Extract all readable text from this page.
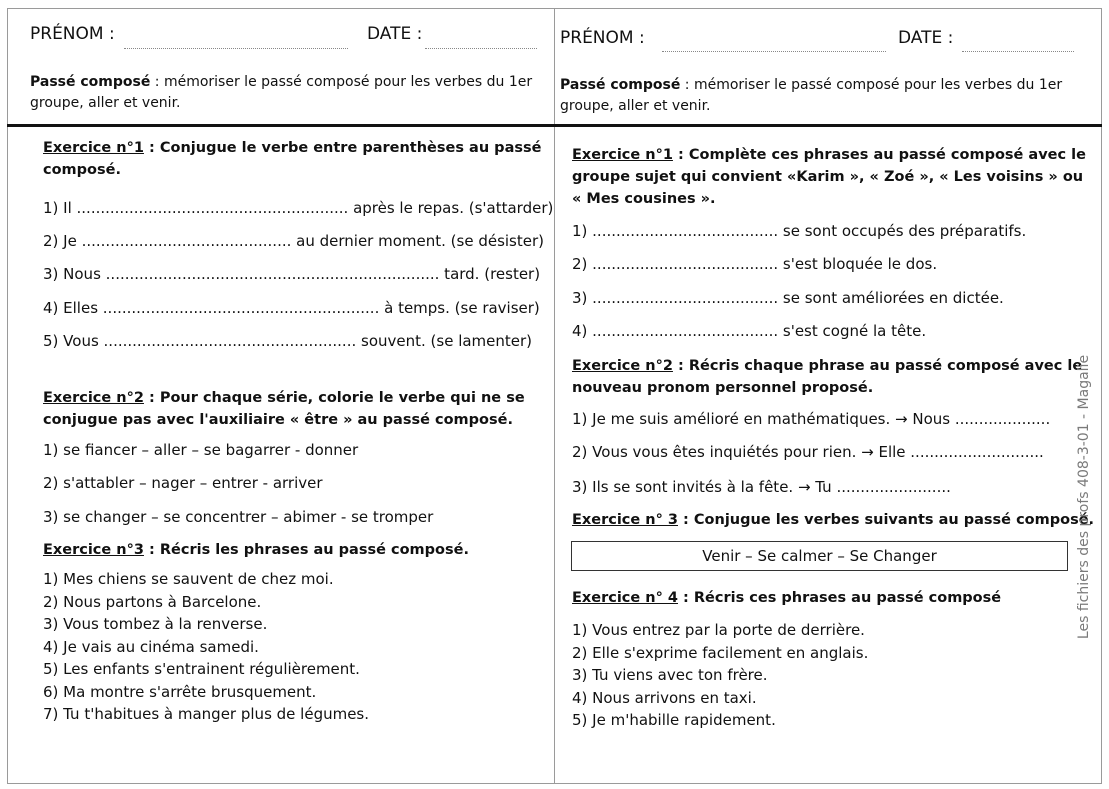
PRÉNOM :	DATE :
Passé composé : mémoriser le passé composé pour les verbes du 1er
groupe, aller et venir.
PRÉNOM :	DATE :
Passé composé : mémoriser le passé composé pour les verbes du 1er
groupe, aller et venir.
Exercice n°1 : Conjugue le verbe entre parenthèses au passé
composé.
1) Il ......................................................... après le repas. (s'attarder)
2) Je ............................................ au dernier moment. (se désister)
3) Nous ...................................................................... tard. (rester)
4) Elles .......................................................... à temps. (se raviser)
5) Vous ..................................................... souvent. (se lamenter)
Exercice n°2 : Pour chaque série, colorie le verbe qui ne se
conjugue pas avec l'auxiliaire « être » au passé composé.
1) se fiancer – aller – se bagarrer - donner
2) s'attabler – nager – entrer - arriver
3) se changer – se concentrer – abimer - se tromper
Exercice n°3 : Récris les phrases au passé composé.
1) Mes chiens se sauvent de chez moi.
2) Nous partons à Barcelone.
3) Vous tombez à la renverse.
4) Je vais au cinéma samedi.
5) Les enfants s'entrainent régulièrement.
6) Ma montre s'arrête brusquement.
7) Tu t'habitues à manger plus de légumes.
Exercice n°1 : Complète ces phrases au passé composé avec le
groupe sujet qui convient «Karim », « Zoé », « Les voisins » ou
« Mes cousines ».
1) ....................................... se sont occupés des préparatifs.
2) ....................................... s'est bloquée le dos.
3) ....................................... se sont améliorées en dictée.
4) ....................................... s'est cogné la tête.
Exercice n°2 : Récris chaque phrase au passé composé avec le
nouveau pronom personnel proposé.
1) Je me suis amélioré en mathématiques. → Nous ....................
2) Vous vous êtes inquiétés pour rien. → Elle ............................
3) Ils se sont invités à la fête. → Tu ........................
Exercice n° 3 : Conjugue les verbes suivants au passé composé.
Venir – Se calmer – Se Changer
Exercice n° 4 : Récris ces phrases au passé composé
1) Vous entrez par la porte de derrière.
2) Elle s'exprime facilement en anglais.
3) Tu viens avec ton frère.
4) Nous arrivons en taxi.
5) Je m'habille rapidement.
Les fichiers des profs 408-3-01 - Magalie
